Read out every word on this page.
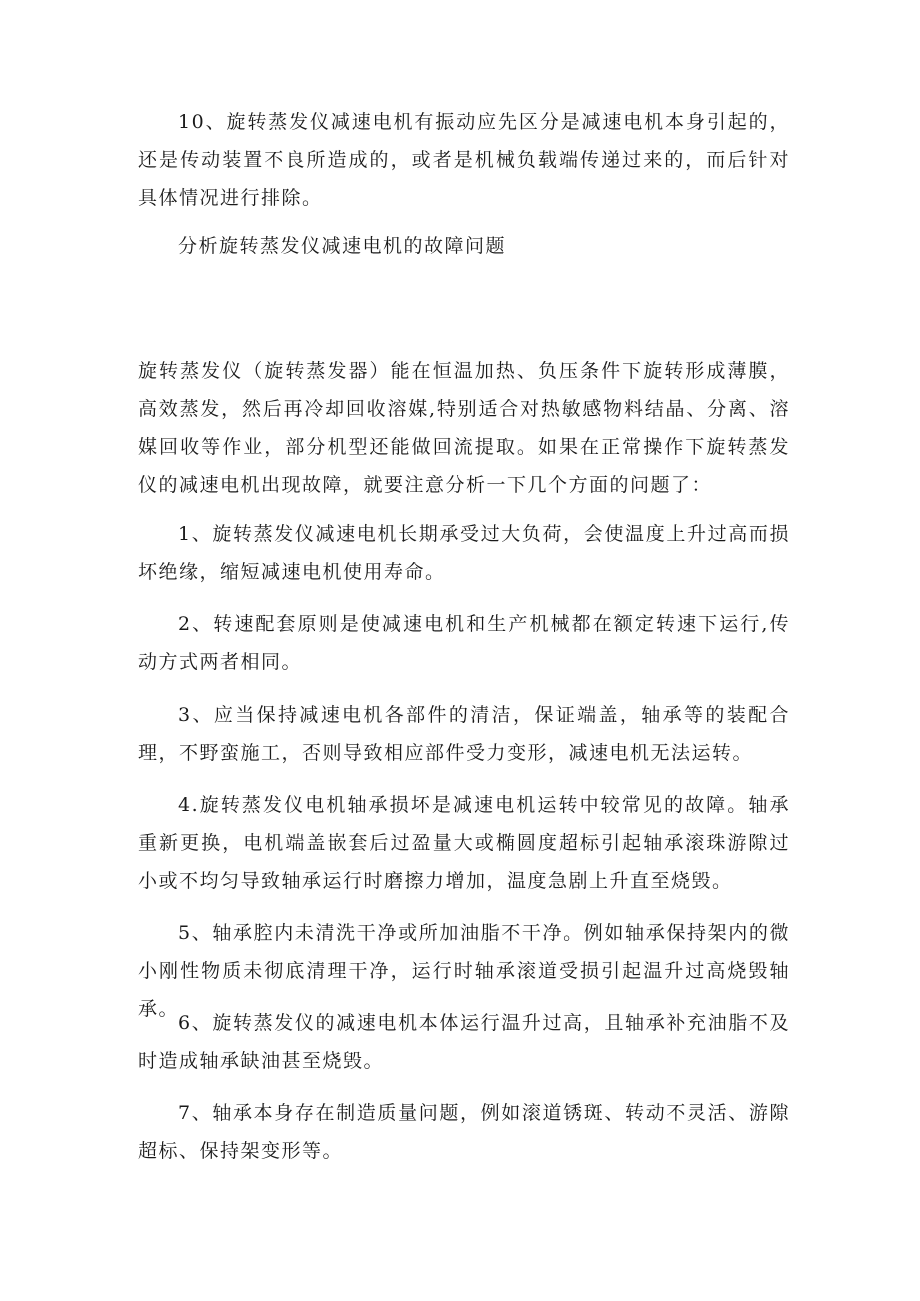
10、旋转蒸发仪减速电机有振动应先区分是减速电机本身引起的，还是传动装置不良所造成的，或者是机械负载端传递过来的，而后针对具体情况进行排除。

分析旋转蒸发仪减速电机的故障问题

旋转蒸发仪（旋转蒸发器）能在恒温加热、负压条件下旋转形成薄膜，高效蒸发，然后再冷却回收溶媒,特别适合对热敏感物料结晶、分离、溶媒回收等作业，部分机型还能做回流提取。如果在正常操作下旋转蒸发仪的减速电机出现故障，就要注意分析一下几个方面的问题了：

1、旋转蒸发仪减速电机长期承受过大负荷，会使温度上升过高而损坏绝缘，缩短减速电机使用寿命。

2、转速配套原则是使减速电机和生产机械都在额定转速下运行,传动方式两者相同。

3、应当保持减速电机各部件的清洁，保证端盖，轴承等的装配合理，不野蛮施工，否则导致相应部件受力变形，减速电机无法运转。

4.旋转蒸发仪电机轴承损坏是减速电机运转中较常见的故障。轴承重新更换，电机端盖嵌套后过盈量大或椭圆度超标引起轴承滚珠游隙过小或不均匀导致轴承运行时磨擦力增加，温度急剧上升直至烧毁。

5、轴承腔内未清洗干净或所加油脂不干净。例如轴承保持架内的微小刚性物质未彻底清理干净，运行时轴承滚道受损引起温升过高烧毁轴承。

6、旋转蒸发仪的减速电机本体运行温升过高，且轴承补充油脂不及时造成轴承缺油甚至烧毁。

7、轴承本身存在制造质量问题，例如滚道锈斑、转动不灵活、游隙超标、保持架变形等。
